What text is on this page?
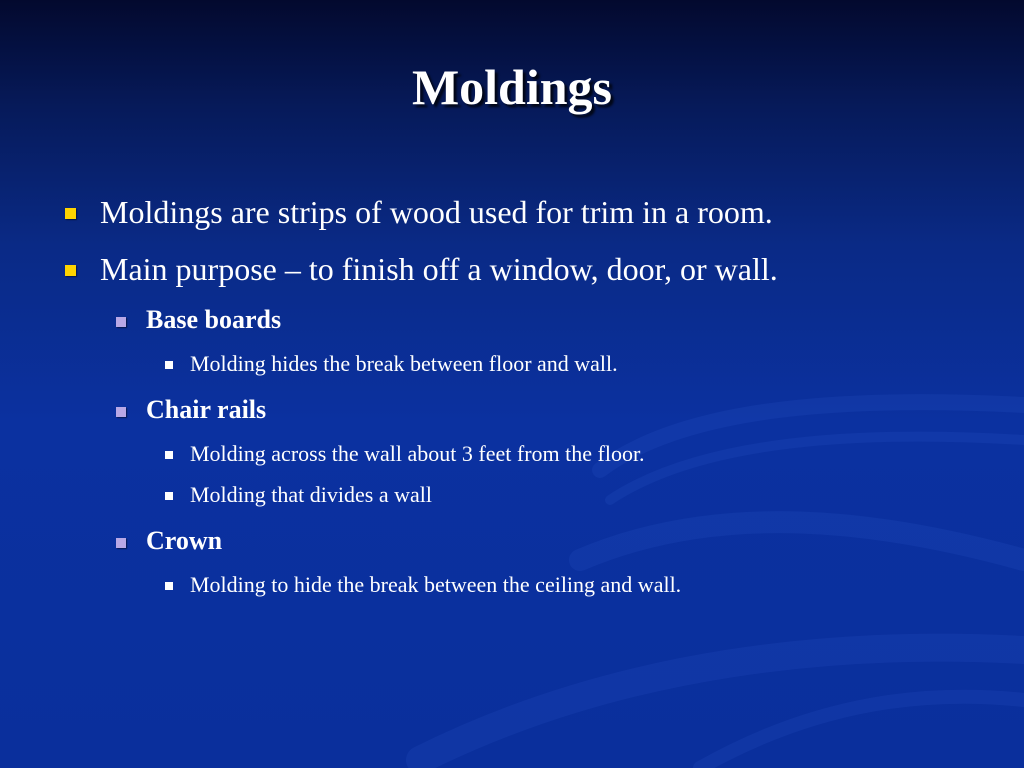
Moldings
Moldings are strips of wood used for trim in a room.
Main purpose – to finish off a window, door, or wall.
Base boards
Molding hides the break between floor and wall.
Chair rails
Molding across the wall about 3 feet from the floor.
Molding that divides a wall
Crown
Molding to hide the break between the ceiling and wall.
